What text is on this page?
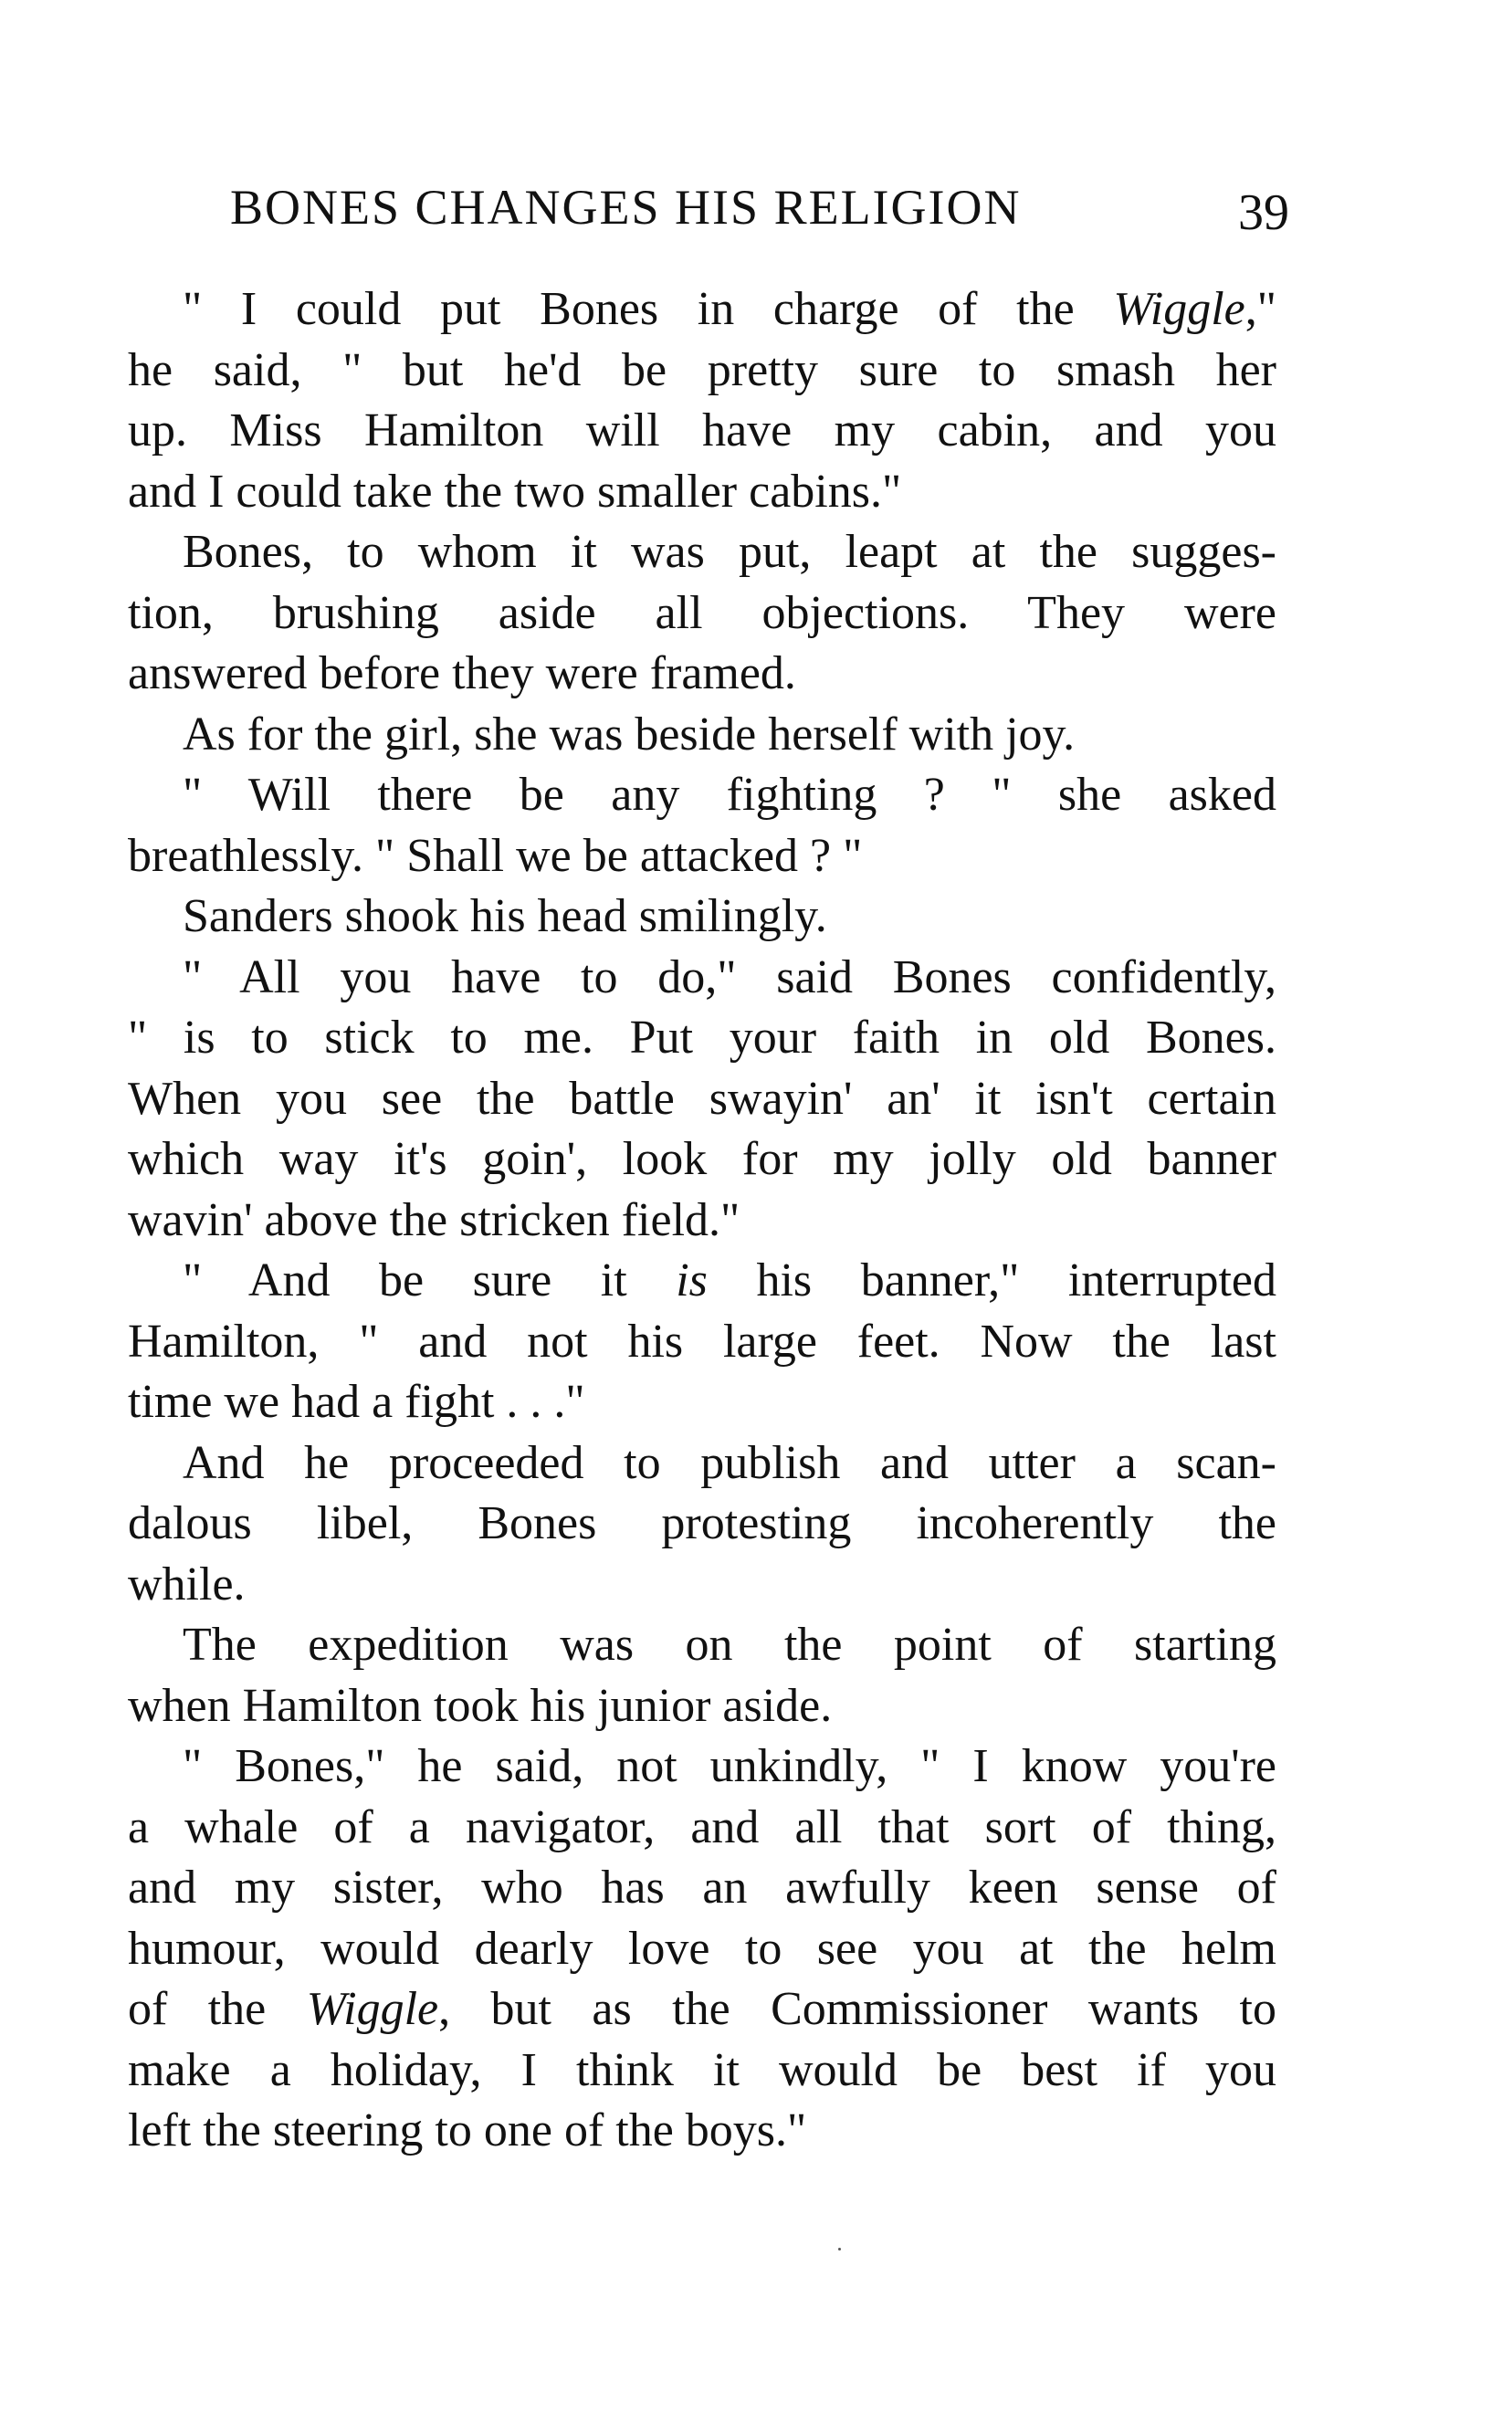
BONES CHANGES HIS RELIGION	39
" I could put Bones in charge of the Wiggle,"
he said, " but he'd be pretty sure to smash her
up. Miss Hamilton will have my cabin, and you
and I could take the two smaller cabins."
Bones, to whom it was put, leapt at the sugges-
tion, brushing aside all objections. They were
answered before they were framed.
As for the girl, she was beside herself with joy.
" Will there be any fighting ? " she asked
breathlessly. " Shall we be attacked ? "
Sanders shook his head smilingly.
" All you have to do," said Bones confidently,
" is to stick to me. Put your faith in old Bones.
When you see the battle swayin' an' it isn't certain
which way it's goin', look for my jolly old banner
wavin' above the stricken field."
" And be sure it is his banner," interrupted
Hamilton, " and not his large feet. Now the last
time we had a fight . . ."
And he proceeded to publish and utter a scan-
dalous libel, Bones protesting incoherently the
while.
The expedition was on the point of starting
when Hamilton took his junior aside.
" Bones," he said, not unkindly, " I know you're
a whale of a navigator, and all that sort of thing,
and my sister, who has an awfully keen sense of
humour, would dearly love to see you at the helm
of the Wiggle, but as the Commissioner wants to
make a holiday, I think it would be best if you
left the steering to one of the boys."
